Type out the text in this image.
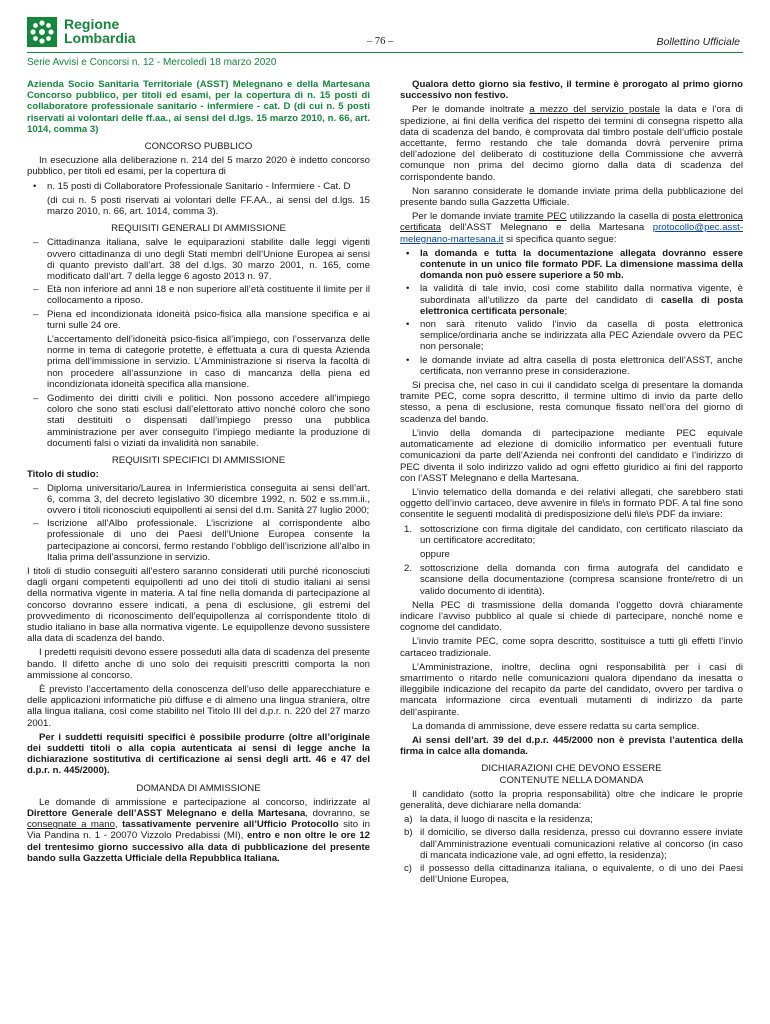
Regione
Lombardia	– 76 –	Bollettino Ufficiale
Serie Avvisi e Concorsi n. 12 - Mercoledì 18 marzo 2020
Azienda Socio Sanitaria Territoriale (ASST) Melegnano e della Martesana Concorso pubblico, per titoli ed esami, per la copertura di n. 15 posti di collaboratore professionale sanitario - infermiere - cat. D (di cui n. 5 posti riservati ai volontari delle ff.aa., ai sensi del d.lgs. 15 marzo 2010, n. 66, art. 1014, comma 3)
CONCORSO PUBBLICO

In esecuzione alla deliberazione n. 214 del 5 marzo 2020 è indetto concorso pubblico, per titoli ed esami, per la copertura di

• n. 15 posti di Collaboratore Professionale Sanitario - Infermiere - Cat. D

(di cui n. 5 posti riservati ai volontari delle FF.AA., ai sensi del d.lgs. 15 marzo 2010, n. 66, art. 1014, comma 3).

REQUISITI GENERALI DI AMMISSIONE
– Cittadinanza italiana, salve le equiparazioni stabilite dalle leggi vigenti ovvero cittadinanza di uno degli Stati membri dell’Unione Europea ai sensi di quanto previsto dall’art. 38 del d.lgs. 30 marzo 2001, n. 165, come modificato dall’art. 7 della legge 6 agosto 2013 n. 97.
– Età non inferiore ad anni 18 e non superiore all’età costituente il limite per il collocamento a riposo.
– Piena ed incondizionata idoneità psico-fisica alla mansione specifica e ai turni sulle 24 ore.

L’accertamento dell’idoneità psico-fisica all’impiego, con l’osservanza delle norme in tema di categorie protette, è effettuata a cura di questa Azienda prima dell’immissione in servizio. L’Amministrazione si riserva la facoltà di non procedere all’assunzione in caso di mancanza della piena ed incondizionata idoneità specifica alla mansione.

– Godimento dei diritti civili e politici. Non possono accedere all’impiego coloro che sono stati esclusi dall’elettorato attivo nonché coloro che sono stati destituiti o dispensati dall’impiego presso una pubblica amministrazione per aver conseguito l’impiego mediante la produzione di documenti falsi o viziati da invalidità non sanabile.
REQUISITI SPECIFICI DI AMMISSIONE
Titolo di studio:
– Diploma universitario/Laurea in Infermieristica conseguita ai sensi dell’art. 6, comma 3, del decreto legislativo 30 dicembre 1992, n. 502 e ss.mm.ii., ovvero i titoli riconosciuti equipollenti ai sensi del d.m. Sanità 27 luglio 2000;
– Iscrizione all’Albo professionale. L’iscrizione al corrispondente albo professionale di uno dei Paesi dell’Unione Europea consente la partecipazione ai concorsi, fermo restando l’obbligo dell’iscrizione all’albo in Italia prima dell’assunzione in servizio.

I titoli di studio conseguiti all’estero saranno considerati utili purché riconosciuti dagli organi competenti equipollenti ad uno dei titoli di studio italiani ai sensi della normativa vigente in materia. A tal fine nella domanda di partecipazione al concorso dovranno essere indicati, a pena di esclusione, gli estremi del provvedimento di riconoscimento dell’equipollenza al corrispondente titolo di studio italiano in base alla normativa vigente. Le equipollenze devono sussistere alla data di scadenza del bando.

I predetti requisiti devono essere posseduti alla data di scadenza del presente bando. Il difetto anche di uno solo dei requisiti prescritti comporta la non ammissione al concorso.

È previsto l’accertamento della conoscenza dell’uso delle apparecchiature e delle applicazioni informatiche più diffuse e di almeno una lingua straniera, oltre alla lingua italiana, così come stabilito nel Titolo III del d.p.r. n. 220 del 27 marzo 2001.

Per i suddetti requisiti specifici è possibile produrre (oltre all’originale dei suddetti titoli o alla copia autenticata ai sensi di legge anche la dichiarazione sostitutiva di certificazione ai sensi degli artt. 46 e 47 del d.p.r. n. 445/2000).

DOMANDA DI AMMISSIONE

Le domande di ammissione e partecipazione al concorso, indirizzate al Direttore Generale dell’ASST Melegnano e della Martesana, dovranno, se consegnate a mano, tassativamente pervenire all’Ufficio Protocollo sito in Via Pandina n. 1 - 20070 Vizzolo Predabissi (MI), entro e non oltre le ore 12 del trentesimo giorno successivo alla data di pubblicazione del presente bando sulla Gazzetta Ufficiale della Repubblica Italiana.

Qualora detto giorno sia festivo, il termine è prorogato al primo giorno successivo non festivo.

Per le domande inoltrate a mezzo del servizio postale la data e l’ora di spedizione, ai fini della verifica del rispetto dei termini di consegna rispetto alla data di scadenza del bando, è comprovata dal timbro postale dell’ufficio postale accettante, fermo restando che tale domanda dovrà pervenire prima dell’adozione del deliberato di costituzione della Commissione che avverrà comunque non prima del decimo giorno dalla data di scadenza del corrispondente bando.

Non saranno considerate le domande inviate prima della pubblicazione del presente bando sulla Gazzetta Ufficiale.

Per le domande inviate tramite PEC utilizzando la casella di posta elettronica certificata dell’ASST Melegnano e della Martesana protocollo@pec.asst-melegnano-martesana.it si specifica quanto segue:

• la domanda e tutta la documentazione allegata dovranno essere contenute in un unico file formato PDF. La dimensione massima della domanda non può essere superiore a 50 mb.
• la validità di tale invio, così come stabilito dalla normativa vigente, è subordinata all’utilizzo da parte del candidato di casella di posta elettronica certificata personale;
• non sarà ritenuto valido l’invio da casella di posta elettronica semplice/ordinaria anche se indirizzata alla PEC Aziendale ovvero da PEC non personale;
• le domande inviate ad altra casella di posta elettronica dell’ASST, anche certificata, non verranno prese in considerazione.

Si precisa che, nel caso in cui il candidato scelga di presentare la domanda tramite PEC, come sopra descritto, il termine ultimo di invio da parte dello stesso, a pena di esclusione, resta comunque fissato nell’ora del giorno di scadenza del bando.

L’invio della domanda di partecipazione mediante PEC equivale automaticamente ad elezione di domicilio informatico per eventuali future comunicazioni da parte dell’Azienda nei confronti del candidato e l’indirizzo di PEC diventa il solo indirizzo valido ad ogni effetto giuridico ai fini del rapporto con l’ASST Melegnano e della Martesana.

L’invio telematico della domanda e dei relativi allegati, che sarebbero stati oggetto dell’invio cartaceo, deve avvenire in file\s in formato PDF. A tal fine sono consentite le seguenti modalità di predisposizione del\i file\s PDF da inviare:

1. sottoscrizione con firma digitale del candidato, con certificato rilasciato da un certificatore accreditato;

oppure

2. sottoscrizione della domanda con firma autografa del candidato e scansione della documentazione (compresa scansione fronte/retro di un valido documento di identità).

Nella PEC di trasmissione della domanda l’oggetto dovrà chiaramente indicare l’avviso pubblico al quale si chiede di partecipare, nonché nome e cognome del candidato.

L’invio tramite PEC, come sopra descritto, sostituisce a tutti gli effetti l’invio cartaceo tradizionale.

L’Amministrazione, inoltre, declina ogni responsabilità per i casi di smarrimento o ritardo nelle comunicazioni qualora dipendano da inesatta o illeggibile indicazione del recapito da parte del candidato, ovvero per tardiva o mancata informazione circa eventuali mutamenti di indirizzo da parte dell’aspirante.

La domanda di ammissione, deve essere redatta su carta semplice.

Ai sensi dell’art. 39 del d.p.r. 445/2000 non è prevista l’autentica della firma in calce alla domanda.

DICHIARAZIONI CHE DEVONO ESSERE
CONTENUTE NELLA DOMANDA

Il candidato (sotto la propria responsabilità) oltre che indicare le proprie generalità, deve dichiarare nella domanda:

a) la data, il luogo di nascita e la residenza;
b) il domicilio, se diverso dalla residenza, presso cui dovranno essere inviate dall’Amministrazione eventuali comunicazioni relative al concorso (in caso di mancata indicazione vale, ad ogni effetto, la residenza);
c) il possesso della cittadinanza italiana, o equivalente, o di uno dei Paesi dell’Unione Europea,
